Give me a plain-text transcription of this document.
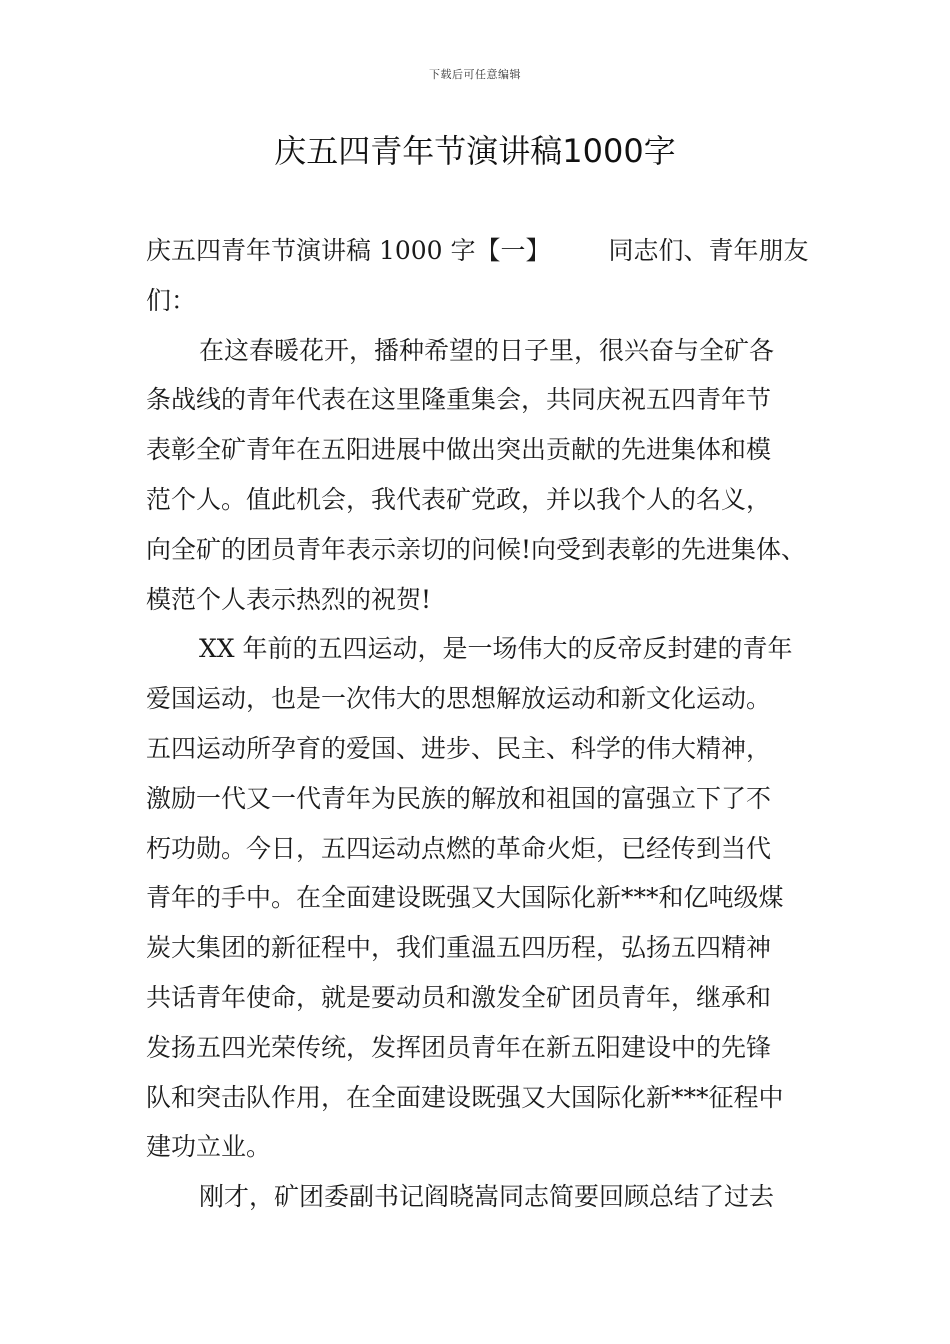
下载后可任意编辑
庆五四青年节演讲稿1000字

庆五四青年节演讲稿 1000 字【一】 同志们、青年朋友

们：

在这春暖花开，播种希望的日子里，很兴奋与全矿各

条战线的青年代表在这里隆重集会，共同庆祝五四青年节

表彰全矿青年在五阳进展中做出突出贡献的先进集体和模

范个人。值此机会，我代表矿党政，并以我个人的名义，

向全矿的团员青年表示亲切的问候!向受到表彰的先进集体、

模范个人表示热烈的祝贺!

XX 年前的五四运动，是一场伟大的反帝反封建的青年

爱国运动，也是一次伟大的思想解放运动和新文化运动。

五四运动所孕育的爱国、进步、民主、科学的伟大精神，

激励一代又一代青年为民族的解放和祖国的富强立下了不

朽功勋。今日，五四运动点燃的革命火炬，已经传到当代

青年的手中。在全面建设既强又大国际化新***和亿吨级煤

炭大集团的新征程中，我们重温五四历程，弘扬五四精神

共话青年使命，就是要动员和激发全矿团员青年，继承和

发扬五四光荣传统，发挥团员青年在新五阳建设中的先锋

队和突击队作用，在全面建设既强又大国际化新***征程中

建功立业。

刚才，矿团委副书记阎晓嵩同志简要回顾总结了过去
